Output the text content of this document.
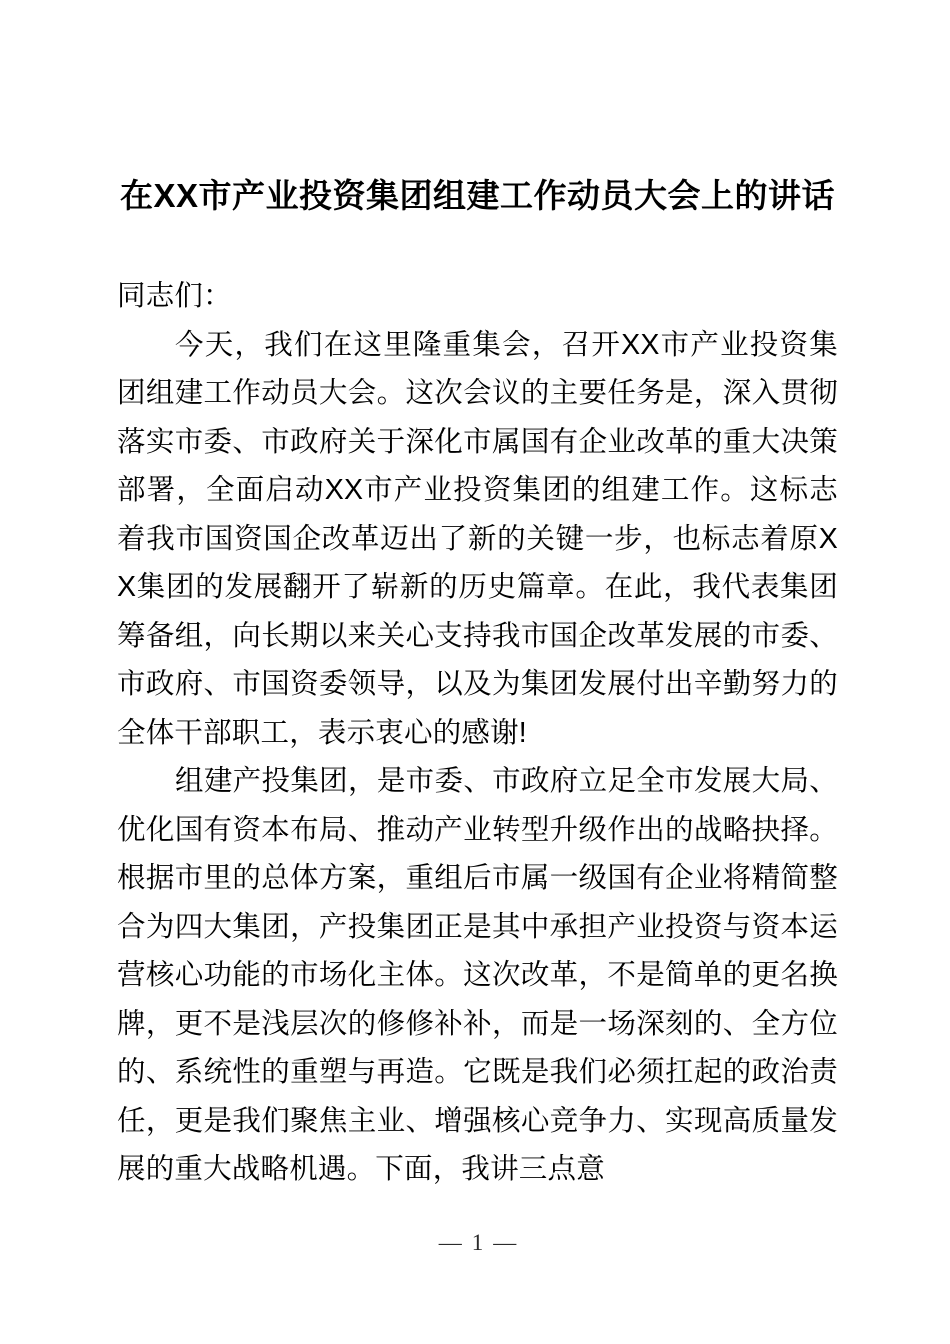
在XX市产业投资集团组建工作动员大会上的讲话

同志们：

今天，我们在这里隆重集会，召开XX市产业投资集团组建工作动员大会。这次会议的主要任务是，深入贯彻落实市委、市政府关于深化市属国有企业改革的重大决策部署，全面启动XX市产业投资集团的组建工作。这标志着我市国资国企改革迈出了新的关键一步，也标志着原XX集团的发展翻开了崭新的历史篇章。在此，我代表集团筹备组，向长期以来关心支持我市国企改革发展的市委、市政府、市国资委领导，以及为集团发展付出辛勤努力的全体干部职工，表示衷心的感谢!

组建产投集团，是市委、市政府立足全市发展大局、优化国有资本布局、推动产业转型升级作出的战略抉择。根据市里的总体方案，重组后市属一级国有企业将精简整合为四大集团，产投集团正是其中承担产业投资与资本运营核心功能的市场化主体。这次改革，不是简单的更名换牌，更不是浅层次的修修补补，而是一场深刻的、全方位的、系统性的重塑与再造。它既是我们必须扛起的政治责任，更是我们聚焦主业、增强核心竞争力、实现高质量发展的重大战略机遇。下面，我讲三点意

— 1 —
